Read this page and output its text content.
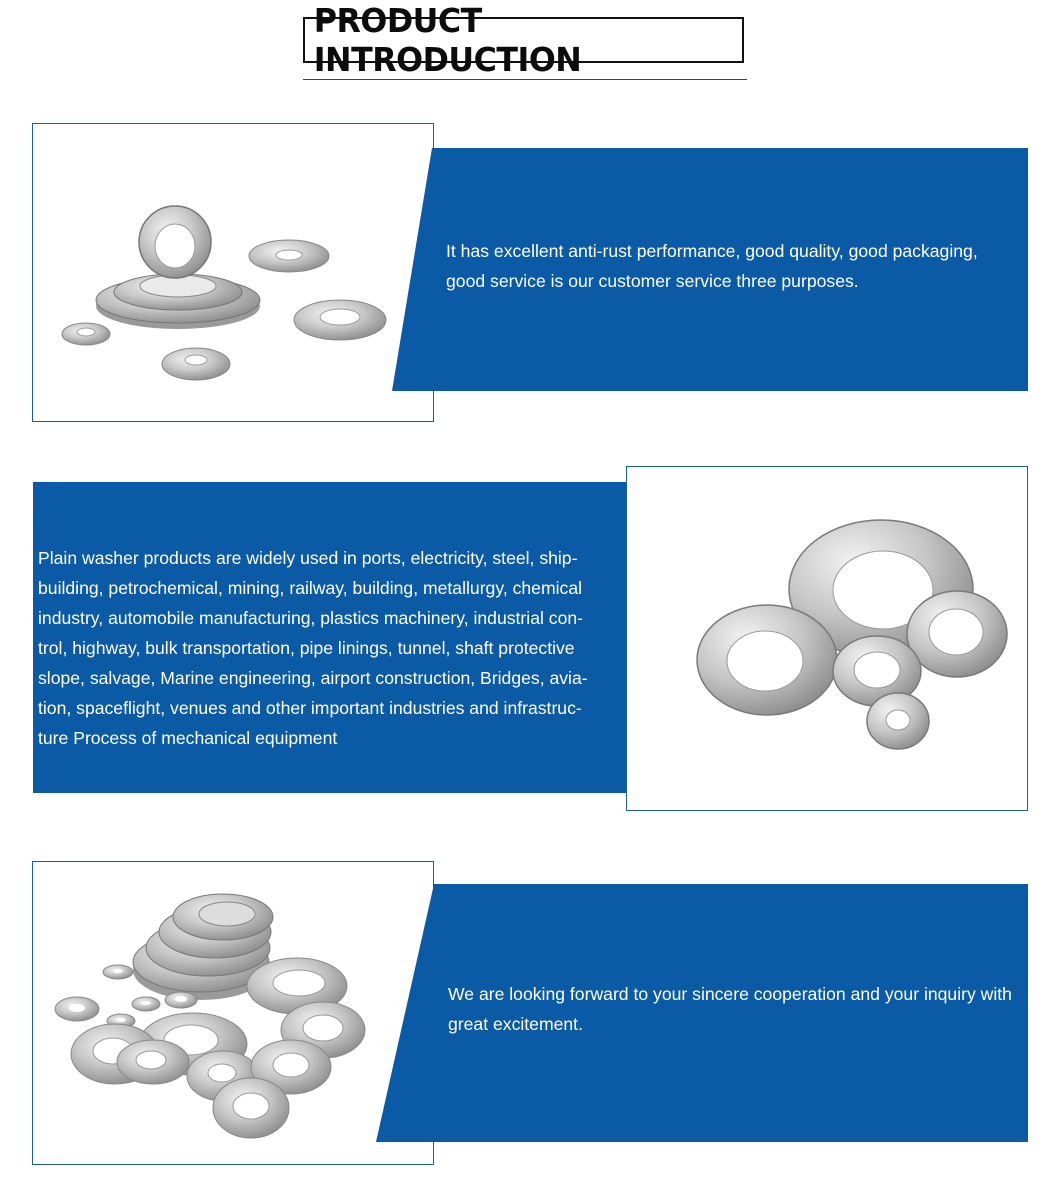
PRODUCT INTRODUCTION
It has excellent anti-rust performance, good quality, good packaging, good service is our customer service three purposes.
Plain washer products are widely used in ports, electricity, steel, ship-building, petrochemical, mining, railway, building, metallurgy, chemical industry, automobile manufacturing, plastics machinery, industrial con-trol, highway, bulk transportation, pipe linings, tunnel, shaft protective slope, salvage, Marine engineering, airport construction, Bridges, avia-tion, spaceflight, venues and other important industries and infrastruc-ture Process of mechanical equipment
We are looking forward to your sincere cooperation and your inquiry with great excitement.
